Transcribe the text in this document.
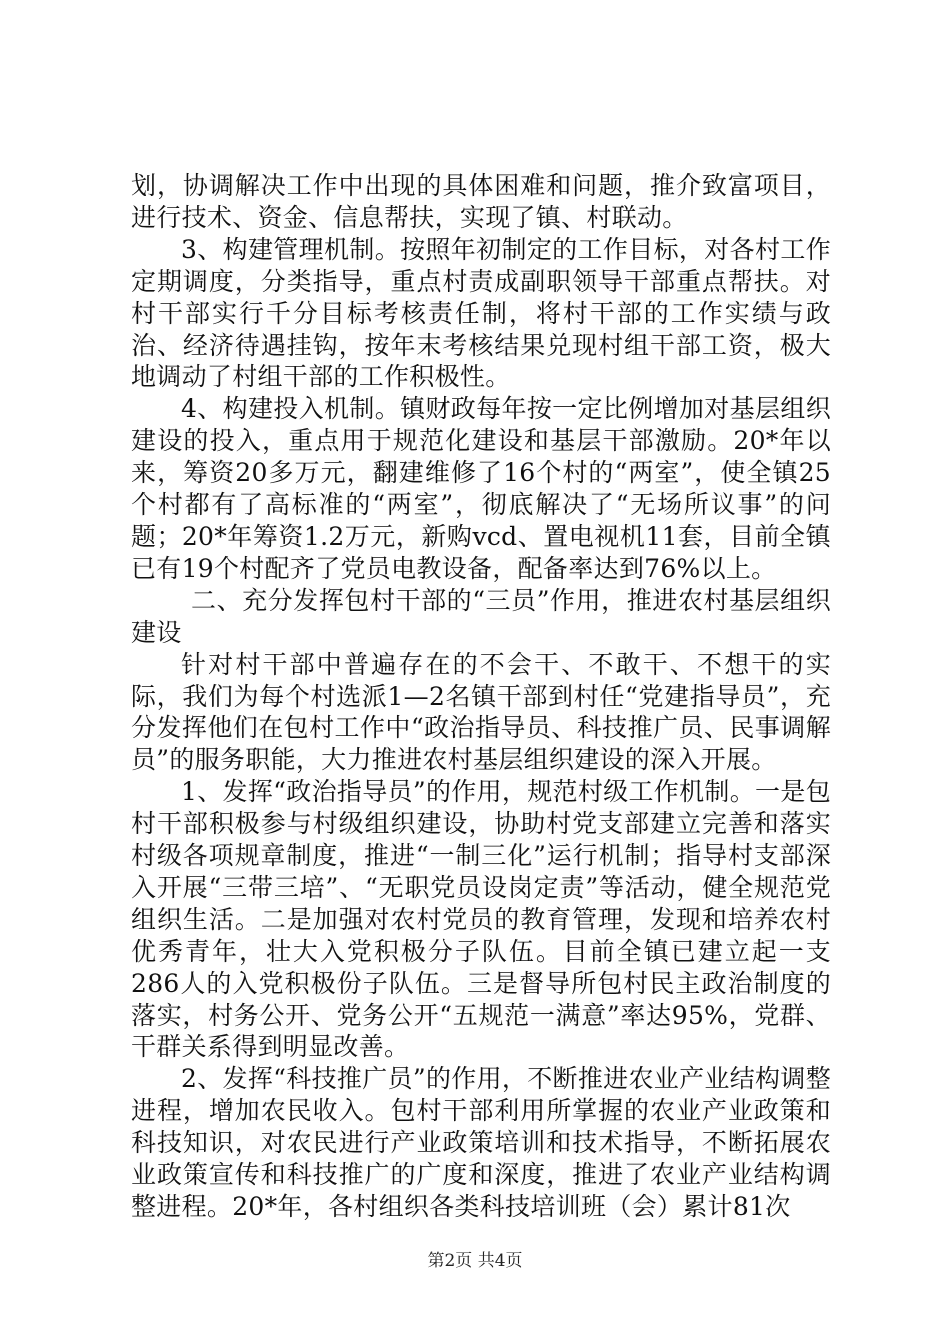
划，协调解决工作中出现的具体困难和问题，推介致富项目，进行技术、资金、信息帮扶，实现了镇、村联动。

3、构建管理机制。按照年初制定的工作目标，对各村工作定期调度，分类指导，重点村责成副职领导干部重点帮扶。对村干部实行千分目标考核责任制，将村干部的工作实绩与政治、经济待遇挂钩，按年末考核结果兑现村组干部工资，极大地调动了村组干部的工作积极性。

4、构建投入机制。镇财政每年按一定比例增加对基层组织建设的投入，重点用于规范化建设和基层干部激励。20*年以来，筹资20多万元，翻建维修了16个村的“两室”，使全镇25个村都有了高标准的“两室”，彻底解决了“无场所议事”的问题；20*年筹资1.2万元，新购vcd、置电视机11套，目前全镇已有19个村配齐了党员电教设备，配备率达到76%以上。

二、充分发挥包村干部的“三员”作用，推进农村基层组织建设

针对村干部中普遍存在的不会干、不敢干、不想干的实际，我们为每个村选派1—2名镇干部到村任“党建指导员”，充分发挥他们在包村工作中“政治指导员、科技推广员、民事调解员”的服务职能，大力推进农村基层组织建设的深入开展。

1、发挥“政治指导员”的作用，规范村级工作机制。一是包村干部积极参与村级组织建设，协助村党支部建立完善和落实村级各项规章制度，推进“一制三化”运行机制；指导村支部深入开展“三带三培”、“无职党员设岗定责”等活动，健全规范党组织生活。二是加强对农村党员的教育管理，发现和培养农村优秀青年，壮大入党积极分子队伍。目前全镇已建立起一支286人的入党积极份子队伍。三是督导所包村民主政治制度的落实，村务公开、党务公开“五规范一满意”率达95%，党群、干群关系得到明显改善。

2、发挥“科技推广员”的作用，不断推进农业产业结构调整进程，增加农民收入。包村干部利用所掌握的农业产业政策和科技知识，对农民进行产业政策培训和技术指导，不断拓展农业政策宣传和科技推广的广度和深度，推进了农业产业结构调整进程。20*年，各村组织各类科技培训班（会）累计81次

第2页 共4页
